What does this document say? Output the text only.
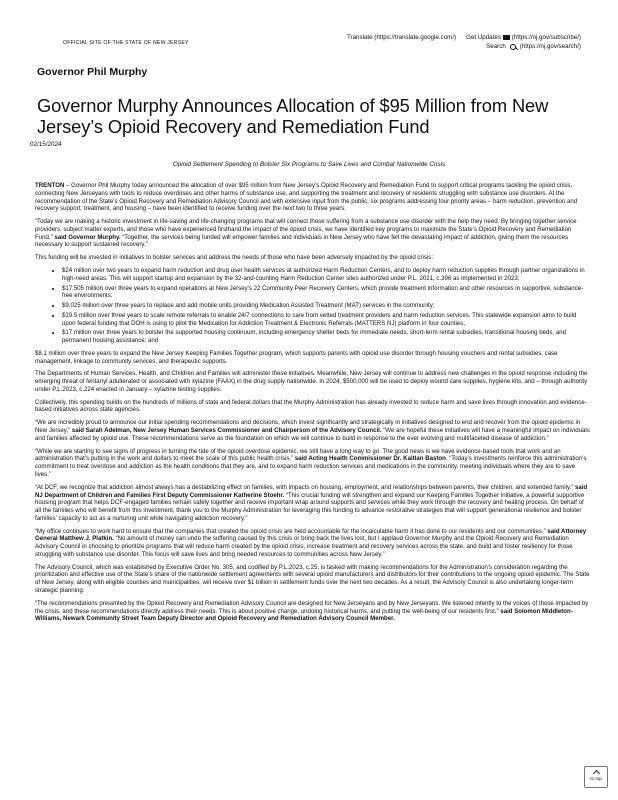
OFFICIAL SITE OF THE STATE OF NEW JERSEY
Translate (https://translate.google.com/) Get Updates (https://nj.gov/subscribe/)
Search (https://nj.gov/search/)
Governor Phil Murphy
Governor Murphy Announces Allocation of $95 Million from New Jersey’s Opioid Recovery and Remediation Fund
02/15/2024
Opioid Settlement Spending to Bolster Six Programs to Save Lives and Combat Nationwide Crisis

TRENTON – Governor Phil Murphy today announced the allocation of over $95 million from New Jersey’s Opioid Recovery and Remediation Fund to support critical programs tackling the opioid crisis, connecting New Jerseyans with tools to reduce overdoses and other harms of substance use, and supporting the treatment and recovery of residents struggling with substance use disorders. At the recommendation of the State’s Opioid Recovery and Remediation Advisory Council and with extensive input from the public, six programs addressing four priority areas – harm reduction, prevention and recovery support, treatment, and housing – have been identified to receive funding over the next two to three years.

“Today we are making a historic investment in life-saving and life-changing programs that will connect those suffering from a substance use disorder with the help they need. By bringing together service providers, subject matter experts, and those who have experienced firsthand the impact of the opioid crisis, we have identified key programs to maximize the State’s Opioid Recovery and Remediation Fund,” said Governor Murphy. “Together, the services being funded will empower families and individuals in New Jersey who have felt the devastating impact of addiction, giving them the resources necessary to support sustained recovery.”

This funding will be invested in initiatives to bolster services and address the needs of those who have been adversely impacted by the opioid crisis:

• $24 million over two years to expand harm reduction and drug user health services at authorized Harm Reduction Centers, and to deploy harm reduction supplies through partner organizations in high-need areas. This will support startup and expansion by the 32-and-counting Harm Reduction Center sites authorized under P.L. 2021, c.396 as implemented in 2023;
• $17.505 million over three years to expand operations at New Jersey’s 22 Community Peer Recovery Centers, which provide treatment information and other resources in supportive, substance-free environments;
• $9.025 million over three years to replace and add mobile units providing Medication Assisted Treatment (MAT) services in the community;
• $19.5 million over three years to scale remote referrals to enable 24/7 connections to care from vetted treatment providers and harm reduction services. This statewide expansion aims to build upon federal funding that DOH is using to pilot the Medication for Addiction Treatment & Electronic Referrals (MATTERS NJ) platform in four counties;
• $17 million over three years to bolster the supported housing continuum, including emergency shelter beds for immediate needs, short-term rental subsidies, transitional housing beds, and permanent housing assistance; and

$8.1 million over three years to expand the New Jersey Keeping Families Together program, which supports parents with opioid use disorder through housing vouchers and rental subsidies, case management, linkage to community services, and therapeutic supports.

The Departments of Human Services, Health, and Children and Families will administer these initiatives. Meanwhile, New Jersey will continue to address new challenges in the opioid response including the emerging threat of fentanyl adulterated or associated with xylazine (FAAX) in the drug supply nationwide. In 2024, $500,000 will be used to deploy wound care supplies, hygiene kits, and – through authority under P.L.2023, c.224 enacted in January – xylazine testing supplies.

Collectively, this spending builds on the hundreds of millions of state and federal dollars that the Murphy Administration has already invested to reduce harm and save lives through innovation and evidence-based initiatives across state agencies.

“We are incredibly proud to announce our initial spending recommendations and decisions, which invest significantly and strategically in initiatives designed to end and recover from the opioid epidemic in New Jersey,” said Sarah Adelman, New Jersey Human Services Commissioner and Chairperson of the Advisory Council. “We are hopeful these initiatives will have a meaningful impact on individuals and families affected by opioid use. These recommendations serve as the foundation on which we will continue to build in response to the ever evolving and multifaceted disease of addiction.”

“While we are starting to see signs of progress in turning the tide of the opioid overdose epidemic, we still have a long way to go. The good news is we have evidence-based tools that work and an administration that’s putting in the work and dollars to meet the scale of this public health crisis,” said Acting Health Commissioner Dr. Kaitlan Baston. “Today’s investments reinforce this administration’s commitment to treat overdose and addiction as the health conditions that they are, and to expand harm reduction services and medications in the community, meeting individuals where they are to save lives.”

“At DCF, we recognize that addiction almost always has a destabilizing effect on families, with impacts on housing, employment, and relationships between parents, their children, and extended family,” said NJ Department of Children and Families First Deputy Commissioner Katherine Stoehr. “This crucial funding will strengthen and expand our Keeping Families Together Initiative, a powerful supportive housing program that helps DCF-engaged families remain safely together and receive important wrap around supports and services while they work through the recovery and healing process. On behalf of all the families who will benefit from this investment, thank you to the Murphy Administration for leveraging this funding to advance restorative strategies that will support generational resilience and bolster families’ capacity to act as a nurturing unit while navigating addiction recovery.”

“My office continues to work hard to ensure that the companies that created the opioid crisis are held accountable for the incalculable harm it has done to our residents and our communities,” said Attorney General Matthew J. Platkin. “No amount of money can undo the suffering caused by this crisis or bring back the lives lost, but I applaud Governor Murphy and the Opioid Recovery and Remediation Advisory Council in choosing to prioritize programs that will reduce harm created by the opioid crisis, increase treatment and recovery services across the state, and build and foster resiliency for those struggling with substance use disorder. This focus will save lives and bring needed resources to communities across New Jersey.”

The Advisory Council, which was established by Executive Order No. 305, and codified by P.L.2023, c.25, is tasked with making recommendations for the Administration’s consideration regarding the prioritization and effective use of the State’s share of the nationwide settlement agreements with several opioid manufacturers and distributors for their contributions to the ongoing opioid epidemic. The State of New Jersey, along with eligible counties and municipalities, will receive over $1 billion in settlement funds over the next two decades. As a result, the Advisory Council is also undertaking longer-term strategic planning.

“The recommendations presented by the Opioid Recovery and Remediation Advisory Council are designed for New Jerseyans and by New Jerseyans. We listened intently to the voices of those impacted by the crisis, and these recommendations directly address their needs. This is about positive change, undoing historical harms, and putting the well-being of our residents first,” said Solomon Middleton-Williams, Newark Community Street Team Deputy Director and Opioid Recovery and Remediation Advisory Council Member.

to top
